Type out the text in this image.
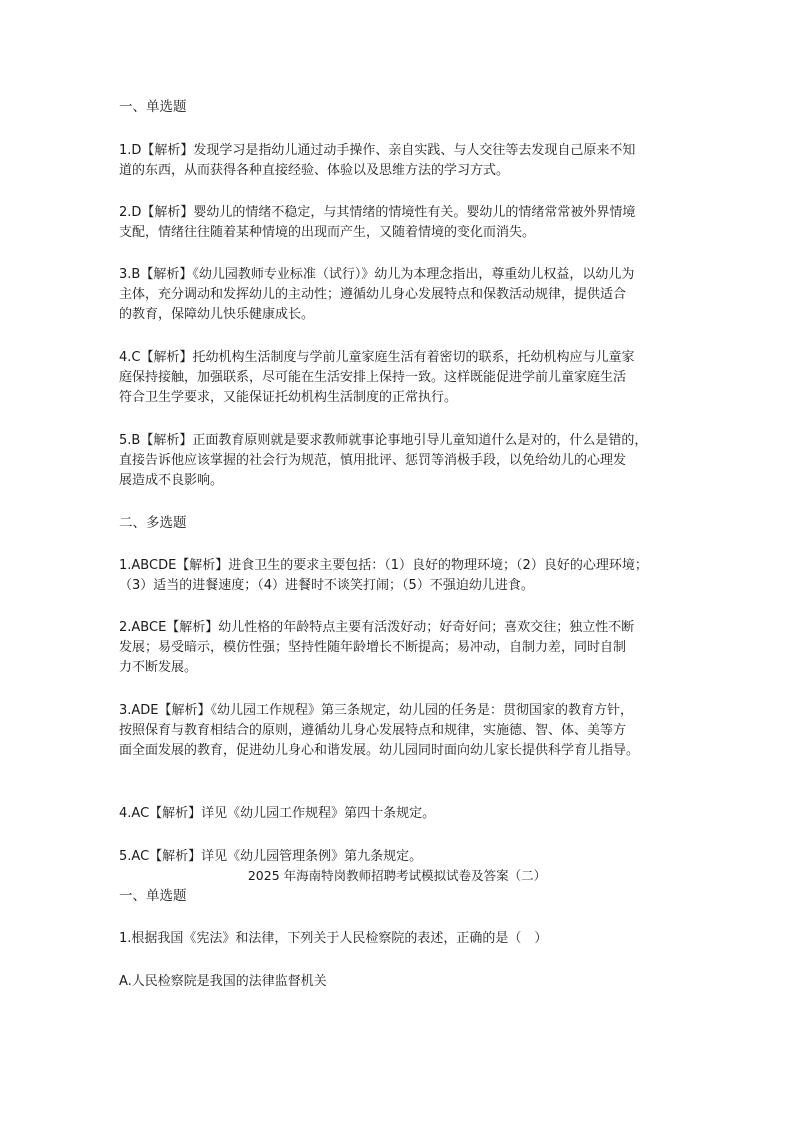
一、单选题
1.D【解析】发现学习是指幼儿通过动手操作、亲自实践、与人交往等去发现自己原来不知
道的东西，从而获得各种直接经验、体验以及思维方法的学习方式。
2.D【解析】婴幼儿的情绪不稳定，与其情绪的情境性有关。婴幼儿的情绪常常被外界情境
支配，情绪往往随着某种情境的出现而产生，又随着情境的变化而消失。
3.B【解析】《幼儿园教师专业标准（试行）》幼儿为本理念指出，尊重幼儿权益，以幼儿为
主体，充分调动和发挥幼儿的主动性；遵循幼儿身心发展特点和保教活动规律，提供适合
的教育，保障幼儿快乐健康成长。
4.C【解析】托幼机构生活制度与学前儿童家庭生活有着密切的联系，托幼机构应与儿童家
庭保持接触，加强联系，尽可能在生活安排上保持一致。这样既能促进学前儿童家庭生活
符合卫生学要求，又能保证托幼机构生活制度的正常执行。
5.B【解析】正面教育原则就是要求教师就事论事地引导儿童知道什么是对的，什么是错的，
直接告诉他应该掌握的社会行为规范，慎用批评、惩罚等消极手段，以免给幼儿的心理发
展造成不良影响。
二、多选题
1.ABCDE【解析】进食卫生的要求主要包括：（1）良好的物理环境；（2）良好的心理环境；
（3）适当的进餐速度；（4）进餐时不谈笑打闹；（5）不强迫幼儿进食。
2.ABCE【解析】幼儿性格的年龄特点主要有活泼好动；好奇好问；喜欢交往；独立性不断
发展；易受暗示，模仿性强；坚持性随年龄增长不断提高；易冲动，自制力差，同时自制
力不断发展。
3.ADE【解析】《幼儿园工作规程》第三条规定，幼儿园的任务是：贯彻国家的教育方针，
按照保育与教育相结合的原则，遵循幼儿身心发展特点和规律，实施德、智、体、美等方
面全面发展的教育，促进幼儿身心和谐发展。幼儿园同时面向幼儿家长提供科学育儿指导。
4.AC【解析】详见《幼儿园工作规程》第四十条规定。
5.AC【解析】详见《幼儿园管理条例》第九条规定。
2025 年海南特岗教师招聘考试模拟试卷及答案（二）
一、单选题
1.根据我国《宪法》和法律，下列关于人民检察院的表述，正确的是（　）
A.人民检察院是我国的法律监督机关
